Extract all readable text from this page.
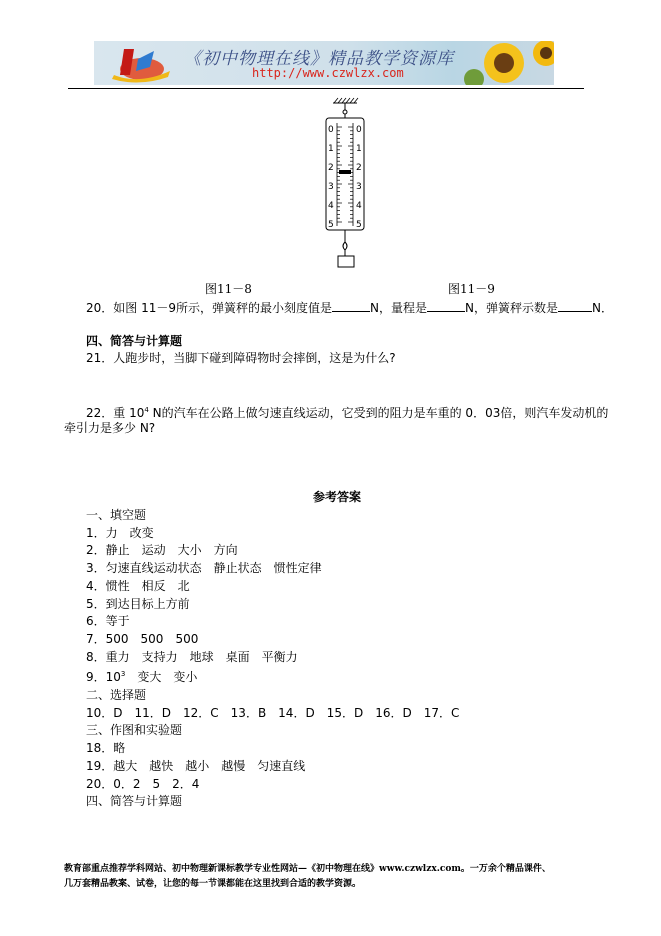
《初中物理在线》精品教学资源库
http://www.czwlzx.com
0
1
2
3
4
5
0
1
2
3
4
5
图11－8	图11－9
20．如图 11－9所示，弹簧秤的最小刻度值是	N，量程是	N，弹簧秤示数是	N．
四、简答与计算题
21．人跑步时，当脚下碰到障碍物时会摔倒，这是为什么?
22．重 $10^4$ N的汽车在公路上做匀速直线运动，它受到的阻力是车重的 0．03倍，则汽车发动机的
牵引力是多少 N?
参考答案
一、填空题
1．力　改变
2．静止　运动　大小　方向
3．匀速直线运动状态　静止状态　惯性定律
4．惯性　相反　北
5．到达目标上方前
6．等于
7．500　500　500
8．重力　支持力　地球　桌面　平衡力
9．$10^3$　变大　变小
二、选择题
10．D　11．D　12．C　13．B　14．D　15．D　16．D　17．C
三、作图和实验题
18．略
19．越大　越快　越小　越慢　匀速直线
20．0．2　5　2．4
四、简答与计算题
教育部重点推荐学科网站、初中物理新课标教学专业性网站—《初中物理在线》www.czwlzx.com。一万余个精品课件、
几万套精品教案、试卷，让您的每一节课都能在这里找到合适的教学资源。
